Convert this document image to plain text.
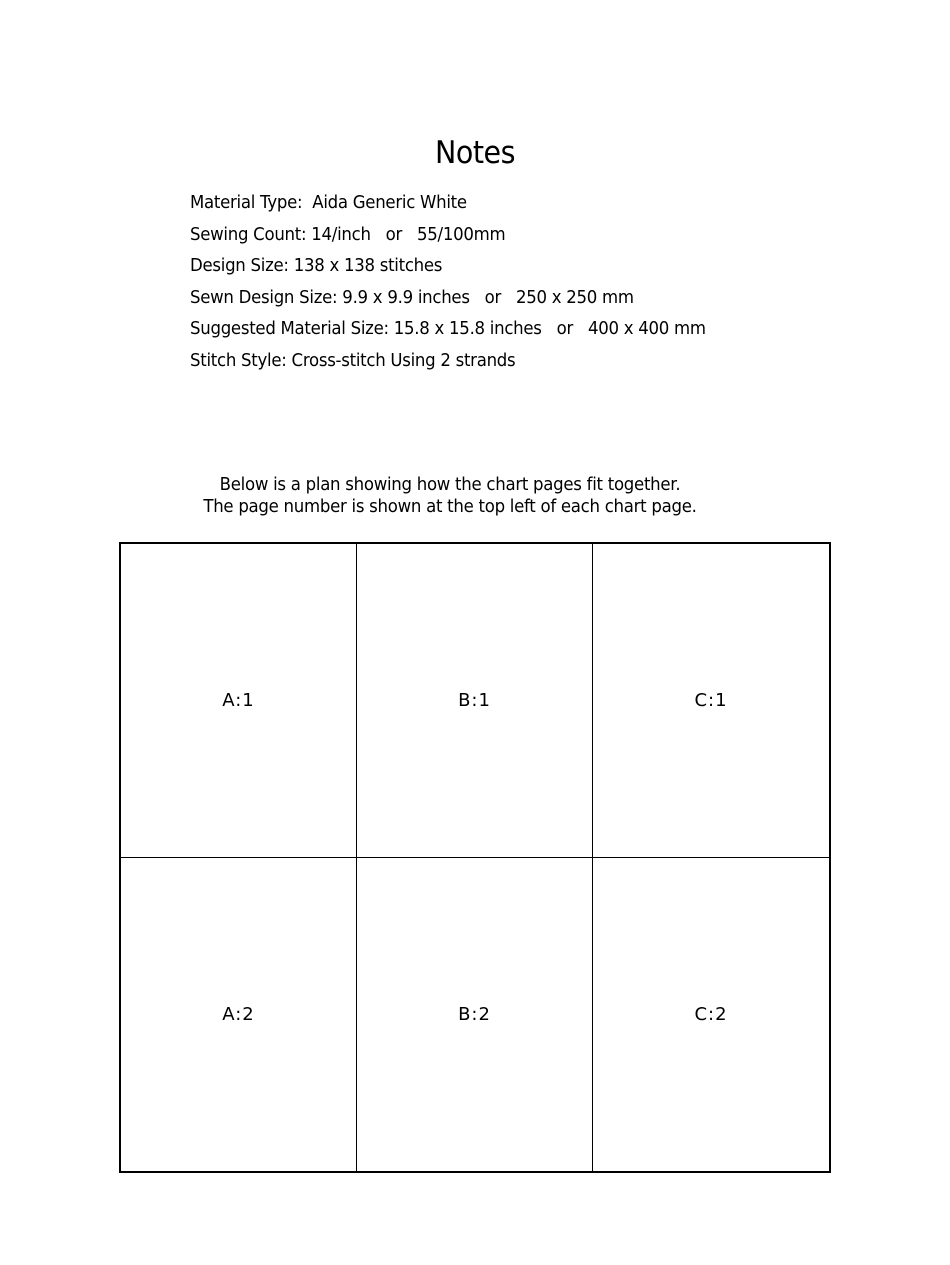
Notes
Material Type:  Aida Generic White
Sewing Count: 14/inch   or   55/100mm
Design Size: 138 x 138 stitches
Sewn Design Size: 9.9 x 9.9 inches   or   250 x 250 mm
Suggested Material Size: 15.8 x 15.8 inches   or   400 x 400 mm
Stitch Style: Cross-stitch Using 2 strands
Below is a plan showing how the chart pages fit together.
The page number is shown at the top left of each chart page.
A:1	B:1	C:1
A:2	B:2	C:2
